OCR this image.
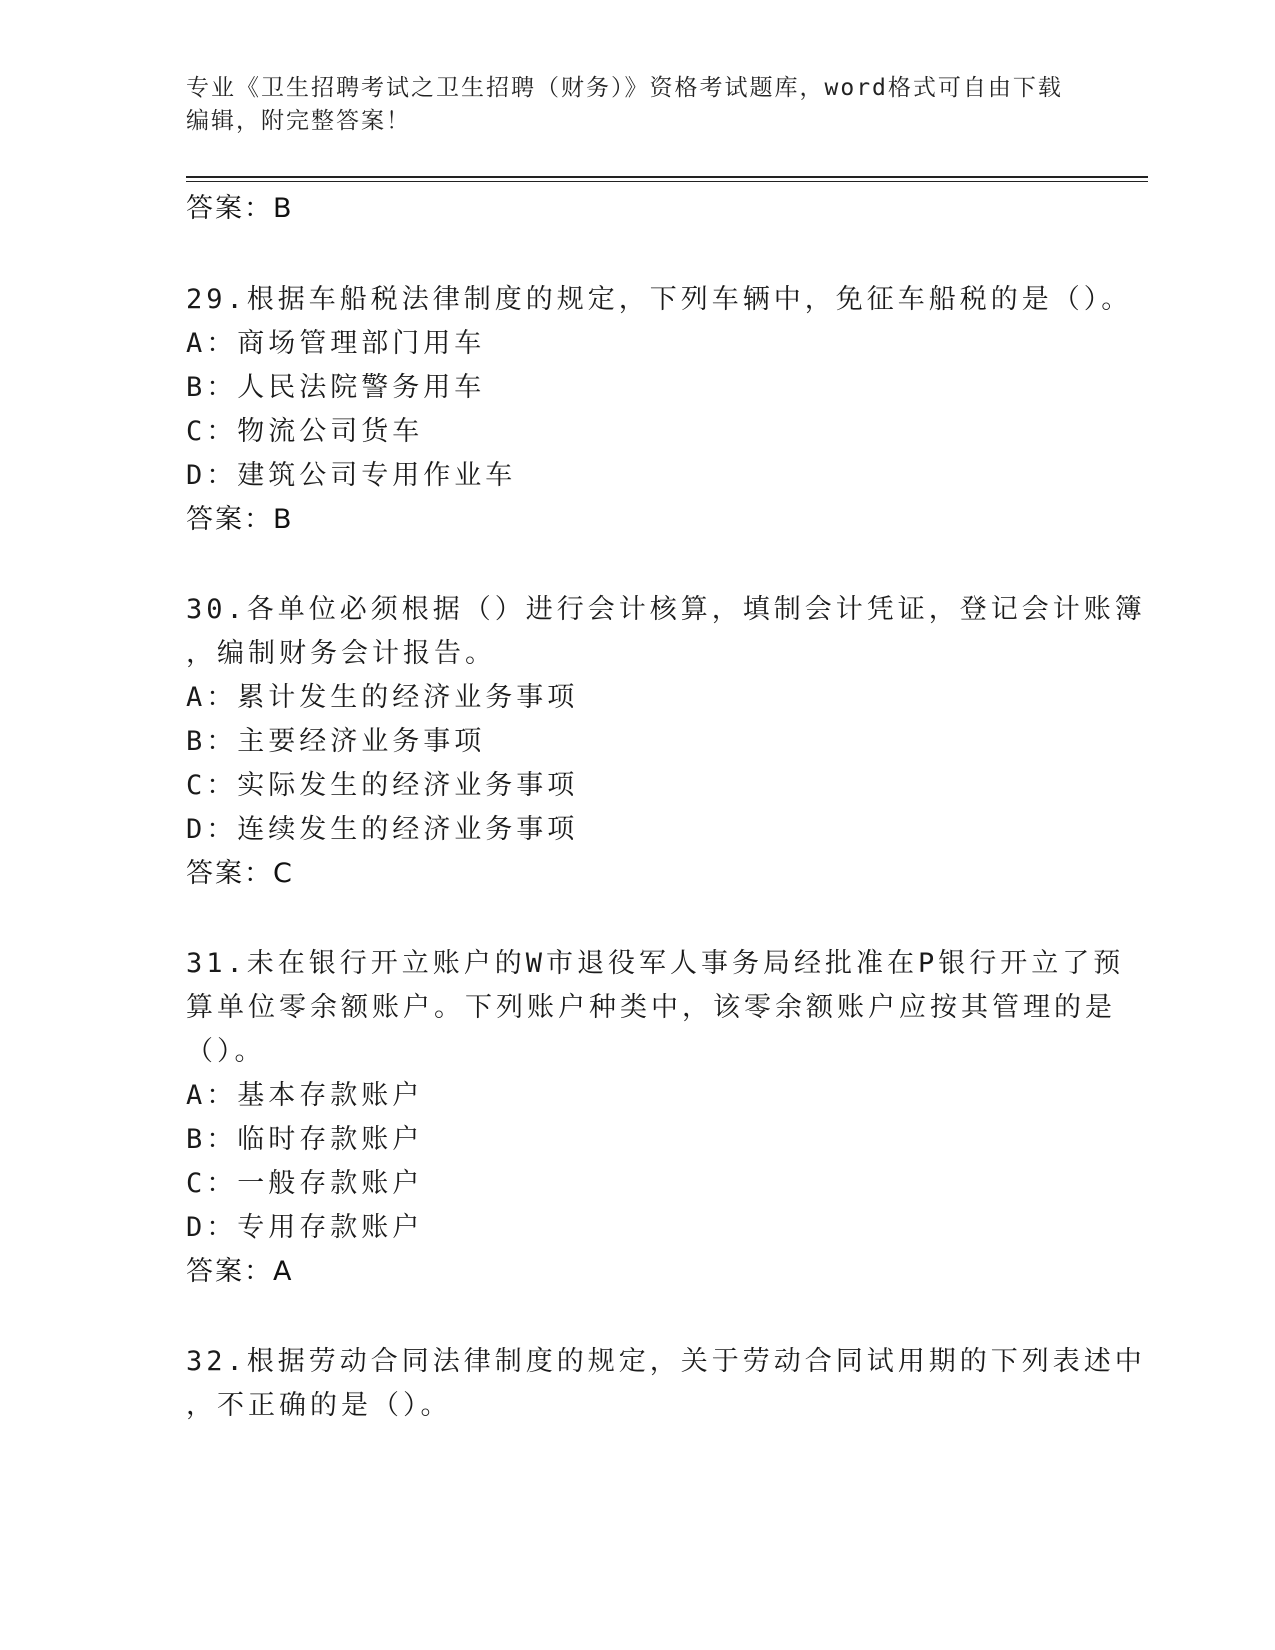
专业《卫生招聘考试之卫生招聘（财务）》资格考试题库，word格式可自由下载
编辑，附完整答案！
答案：B
29.根据车船税法律制度的规定，下列车辆中，免征车船税的是（）。
A：商场管理部门用车
B：人民法院警务用车
C：物流公司货车
D：建筑公司专用作业车
答案：B
30.各单位必须根据（）进行会计核算，填制会计凭证，登记会计账簿
，编制财务会计报告。
A：累计发生的经济业务事项
B：主要经济业务事项
C：实际发生的经济业务事项
D：连续发生的经济业务事项
答案：C
31.未在银行开立账户的W市退役军人事务局经批准在P银行开立了预
算单位零余额账户。下列账户种类中，该零余额账户应按其管理的是
（）。
A：基本存款账户
B：临时存款账户
C：一般存款账户
D：专用存款账户
答案：A
32.根据劳动合同法律制度的规定，关于劳动合同试用期的下列表述中
，不正确的是（）。
